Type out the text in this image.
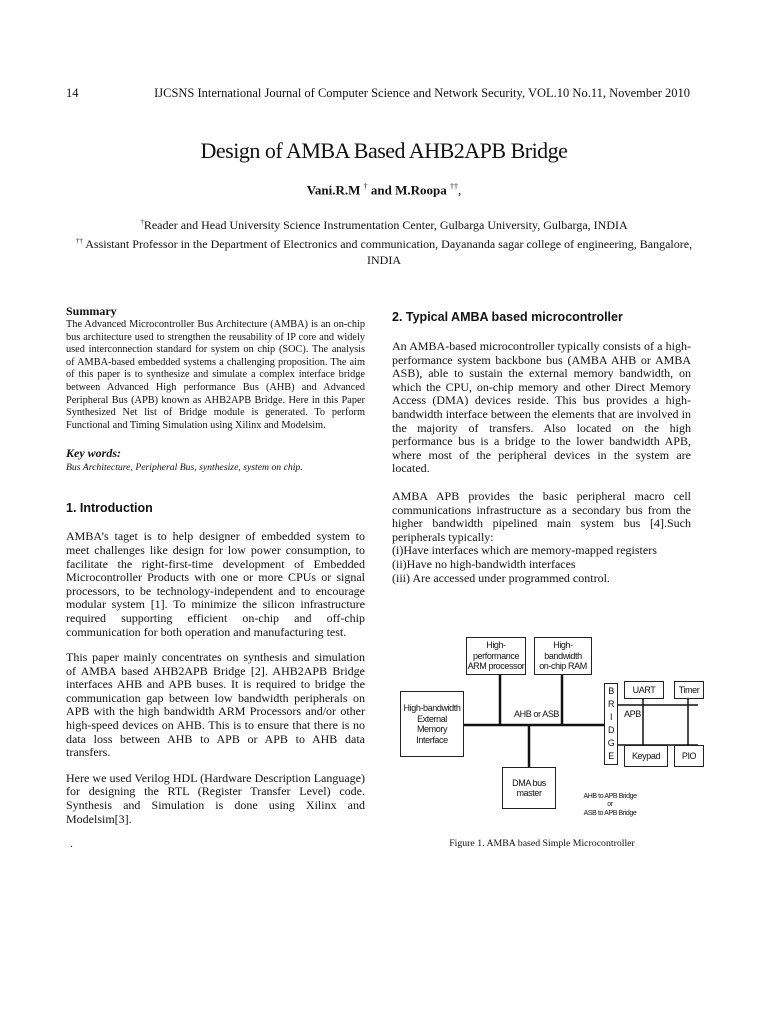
14	IJCSNS International Journal of Computer Science and Network Security, VOL.10 No.11, November 2010
Design of AMBA Based AHB2APB Bridge
Vani.R.M † and M.Roopa ††,
†Reader and Head University Science Instrumentation Center, Gulbarga University, Gulbarga, INDIA
†† Assistant Professor in the Department of Electronics and communication, Dayananda sagar college of engineering, Bangalore, INDIA

Summary

The Advanced Microcontroller Bus Architecture (AMBA) is an on-chip bus architecture used to strengthen the reusability of IP core and widely used interconnection standard for system on chip (SOC). The analysis of AMBA-based embedded systems a challenging proposition. The aim of this paper is to synthesize and simulate a complex interface bridge between Advanced High performance Bus (AHB) and Advanced Peripheral Bus (APB) known as AHB2APB Bridge. Here in this Paper Synthesized Net list of Bridge module is generated. To perform Functional and Timing Simulation using Xilinx and Modelsim.

Key words:

Bus Architecture, Peripheral Bus, synthesize, system on chip.

1. Introduction

AMBA’s taget is to help designer of embedded system to meet challenges like design for low power consumption, to facilitate the right-first-time development of Embedded Microcontroller Products with one or more CPUs or signal processors, to be technology-independent and to encourage modular system [1]. To minimize the silicon infrastructure required supporting efficient on-chip and off-chip communication for both operation and manufacturing test.

This paper mainly concentrates on synthesis and simulation of AMBA based AHB2APB Bridge [2]. AHB2APB Bridge interfaces AHB and APB buses. It is required to bridge the communication gap between low bandwidth peripherals on APB with the high bandwidth ARM Processors and/or other high-speed devices on AHB. This is to ensure that there is no data loss between AHB to APB or APB to AHB data transfers.

Here we used Verilog HDL (Hardware Description Language) for designing the RTL (Register Transfer Level) code. Synthesis and Simulation is done using Xilinx and Modelsim[3].

.
2. Typical AMBA based microcontroller

An AMBA-based microcontroller typically consists of a high-performance system backbone bus (AMBA AHB or AMBA ASB), able to sustain the external memory bandwidth, on which the CPU, on-chip memory and other Direct Memory Access (DMA) devices reside. This bus provides a high-bandwidth interface between the elements that are involved in the majority of transfers. Also located on the high performance bus is a bridge to the lower bandwidth APB, where most of the peripheral devices in the system are located.

AMBA APB provides the basic peripheral macro cell communications infrastructure as a secondary bus from the higher bandwidth pipelined main system bus [4].Such peripherals typically:

(i)Have interfaces which are memory-mapped registers

(ii)Have no high-bandwidth interfaces

(iii) Are accessed under programmed control.

High-performance
ARM processor
High-bandwidth
on-chip RAM
High-bandwidth
External Memory
Interface
AHB or ASB
B
R
I
D
G
E
APB
UART	Timer
Keypad	PIO
DMA bus
master	AHB to APB Bridge
or
ASB to APB Bridge
Figure 1. AMBA based Simple Microcontroller
